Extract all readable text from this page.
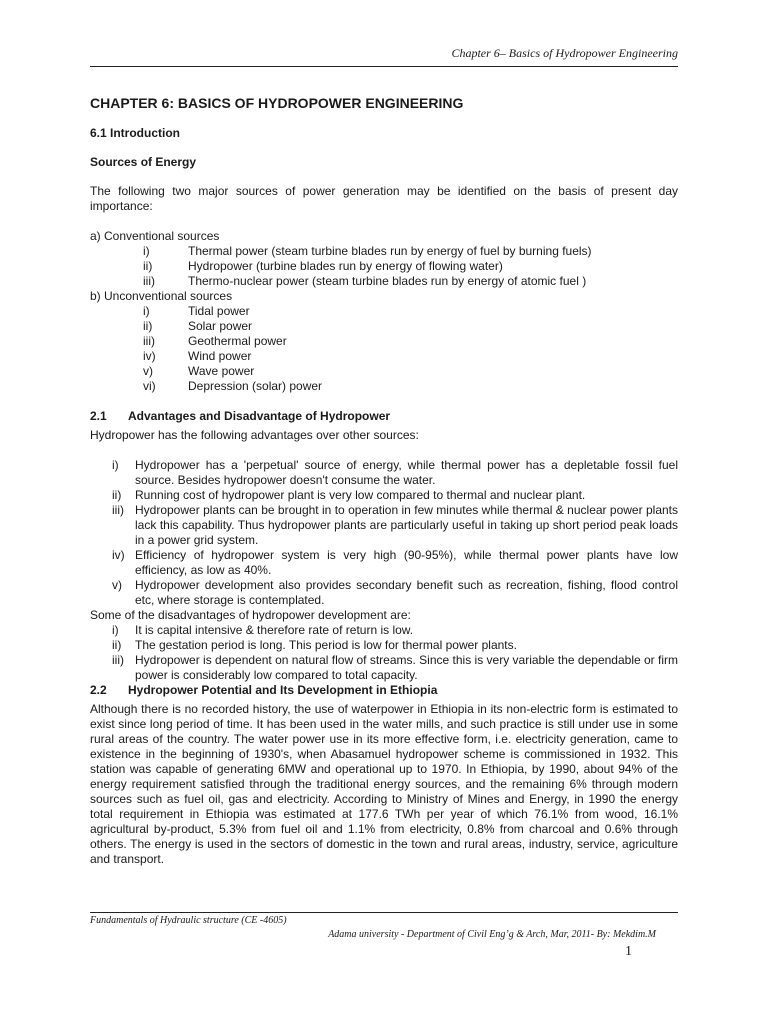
Chapter 6– Basics of Hydropower Engineering
CHAPTER 6: BASICS OF HYDROPOWER ENGINEERING
6.1 Introduction
Sources of Energy

The following two major sources of power generation may be identified on the basis of present day importance:

a) Conventional sources
i)	Thermal power (steam turbine blades run by energy of fuel by burning fuels)
ii)	Hydropower (turbine blades run by energy of flowing water)
iii)	Thermo-nuclear power (steam turbine blades run by energy of atomic fuel )
b) Unconventional sources
i)	Tidal power
ii)	Solar power
iii)	Geothermal power
iv)	Wind power
v)	Wave power
vi)	Depression (solar) power
2.1 Advantages and Disadvantage of Hydropower

Hydropower has the following advantages over other sources:

i) Hydropower has a 'perpetual' source of energy, while thermal power has a depletable fossil fuel source. Besides hydropower doesn't consume the water.
ii) Running cost of hydropower plant is very low compared to thermal and nuclear plant.
iii) Hydropower plants can be brought in to operation in few minutes while thermal & nuclear power plants lack this capability. Thus hydropower plants are particularly useful in taking up short period peak loads in a power grid system.
iv) Efficiency of hydropower system is very high (90-95%), while thermal power plants have low efficiency, as low as 40%.
v) Hydropower development also provides secondary benefit such as recreation, fishing, flood control etc, where storage is contemplated.

Some of the disadvantages of hydropower development are:

i) It is capital intensive & therefore rate of return is low.
ii) The gestation period is long. This period is low for thermal power plants.
iii) Hydropower is dependent on natural flow of streams. Since this is very variable the dependable or firm power is considerably low compared to total capacity.
2.2 Hydropower Potential and Its Development in Ethiopia

Although there is no recorded history, the use of waterpower in Ethiopia in its non-electric form is estimated to exist since long period of time. It has been used in the water mills, and such practice is still under use in some rural areas of the country. The water power use in its more effective form, i.e. electricity generation, came to existence in the beginning of 1930's, when Abasamuel hydropower scheme is commissioned in 1932. This station was capable of generating 6MW and operational up to 1970. In Ethiopia, by 1990, about 94% of the energy requirement satisfied through the traditional energy sources, and the remaining 6% through modern sources such as fuel oil, gas and electricity. According to Ministry of Mines and Energy, in 1990 the energy total requirement in Ethiopia was estimated at 177.6 TWh per year of which 76.1% from wood, 16.1% agricultural by-product, 5.3% from fuel oil and 1.1% from electricity, 0.8% from charcoal and 0.6% through others. The energy is used in the sectors of domestic in the town and rural areas, industry, service, agriculture and transport.

Fundamentals of Hydraulic structure (CE -4605)
Adama university - Department of Civil Eng’g & Arch, Mar, 2011- By: Mekdim.M
1
